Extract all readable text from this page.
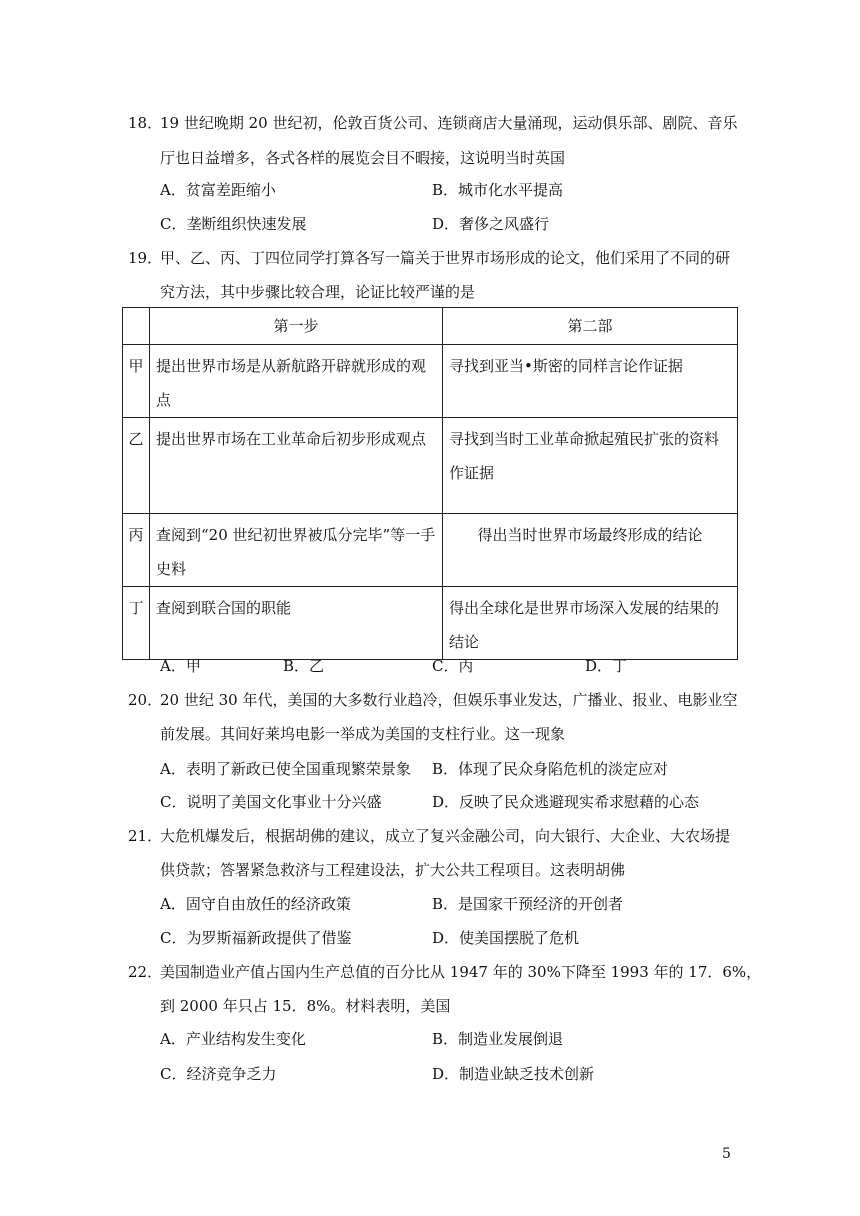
18．
19 世纪晚期 20 世纪初，伦敦百货公司、连锁商店大量涌现，运动俱乐部、剧院、音乐
厅也日益增多，各式各样的展览会目不暇接，这说明当时英国
A．贫富差距缩小	B．城市化水平提高
C．垄断组织快速发展	D．奢侈之风盛行
19．
甲、乙、丙、丁四位同学打算各写一篇关于世界市场形成的论文，他们采用了不同的研
究方法，其中步骤比较合理，论证比较严谨的是
	第一步	第二部
甲	提出世界市场是从新航路开辟就形成的观点	寻找到亚当•斯密的同样言论作证据
乙	提出世界市场在工业革命后初步形成观点	寻找到当时工业革命掀起殖民扩张的资料作证据
丙	查阅到“20 世纪初世界被瓜分完毕”等一手史料	得出当时世界市场最终形成的结论
丁	查阅到联合国的职能	得出全球化是世界市场深入发展的结果的结论
A．甲	B．乙	C．丙	D．丁
20．
20 世纪 30 年代，美国的大多数行业趋冷，但娱乐事业发达，广播业、报业、电影业空
前发展。其间好莱坞电影一举成为美国的支柱行业。这一现象
A．表明了新政已使全国重现繁荣景象 B．体现了民众身陷危机的淡定应对
C．说明了美国文化事业十分兴盛	D．反映了民众逃避现实希求慰藉的心态
21．
大危机爆发后，根据胡佛的建议，成立了复兴金融公司，向大银行、大企业、大农场提
供贷款；答署紧急救济与工程建设法，扩大公共工程项目。这表明胡佛
A．固守自由放任的经济政策	B．是国家干预经济的开创者
C．为罗斯福新政提供了借鉴	D．使美国摆脱了危机
22．
美国制造业产值占国内生产总值的百分比从 1947 年的 30%下降至 1993 年的 17．6%，
到 2000 年只占 15．8%。材料表明，美国
A．产业结构发生变化	B．制造业发展倒退
C．经济竞争乏力	D．制造业缺乏技术创新
5
